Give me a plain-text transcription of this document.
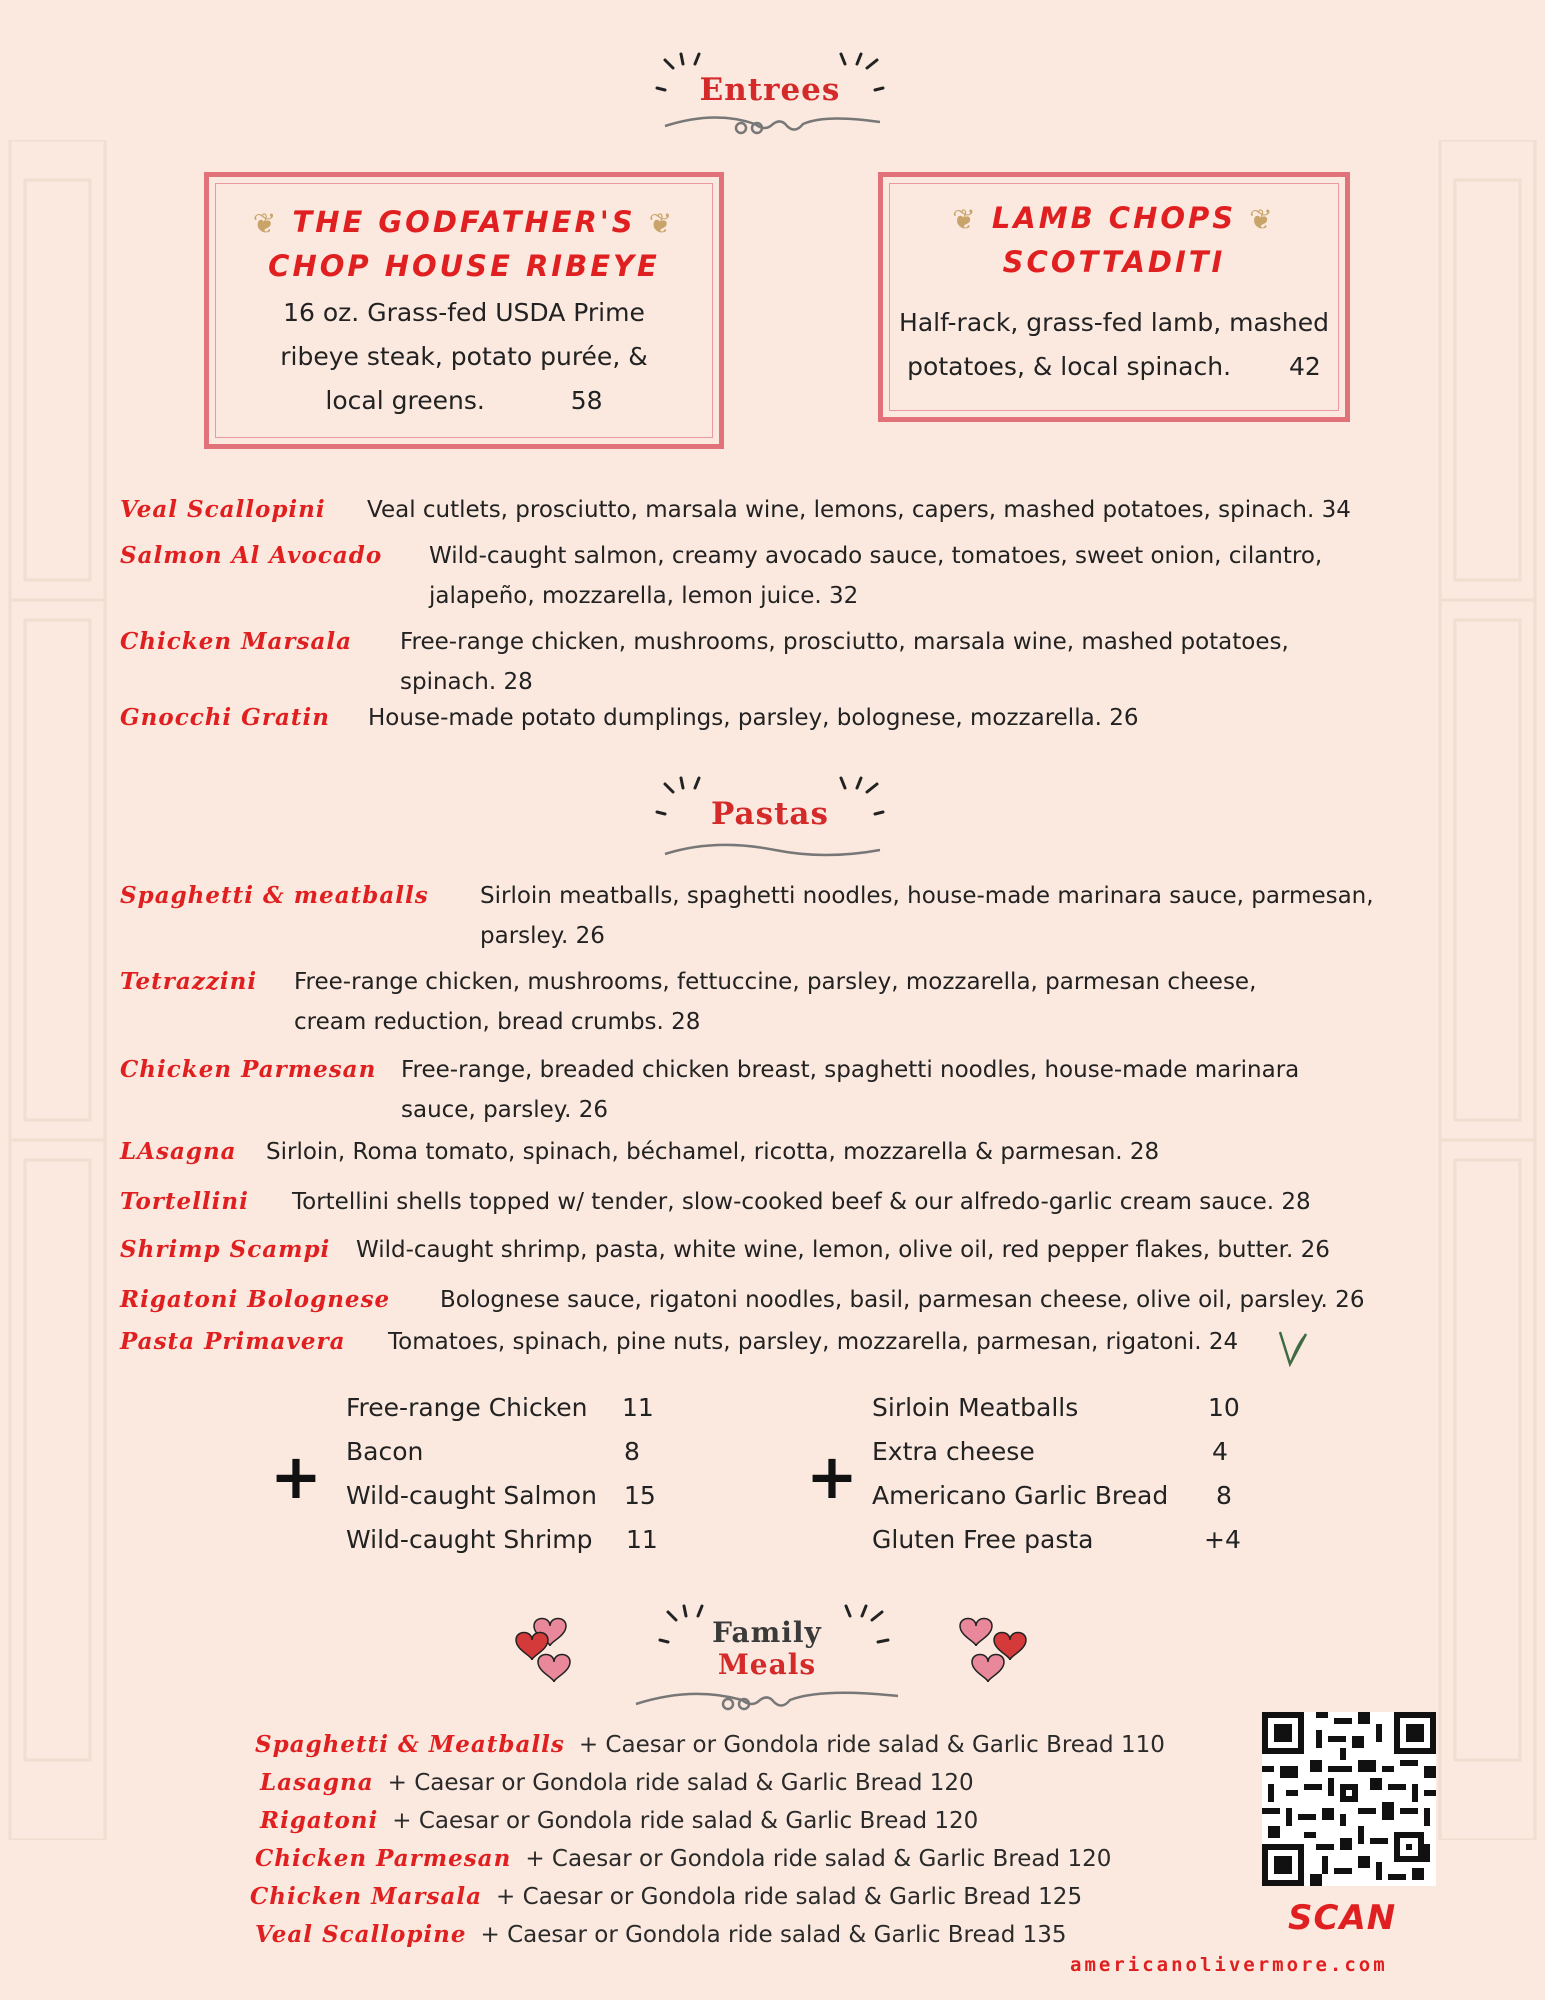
Entrees
❦ THE GODFATHER'S ❦
CHOP HOUSE RIBEYE
16 oz. Grass-fed USDA Prime
ribeye steak, potato purée, &
local greens.	58
❦ LAMB CHOPS ❦
SCOTTADITI
Half-rack, grass-fed lamb, mashed
potatoes, & local spinach. 42
Veal Scallopini Veal cutlets, prosciutto, marsala wine, lemons, capers, mashed potatoes, spinach. 34
Salmon Al Avocado Wild-caught salmon, creamy avocado sauce, tomatoes, sweet onion, cilantro,
jalapeño, mozzarella, lemon juice. 32
Chicken Marsala Free-range chicken, mushrooms, prosciutto, marsala wine, mashed potatoes,
spinach. 28
Gnocchi Gratin House-made potato dumplings, parsley, bolognese, mozzarella. 26
Pastas
Spaghetti & meatballs Sirloin meatballs, spaghetti noodles, house-made marinara sauce, parmesan,
parsley. 26
Tetrazzini Free-range chicken, mushrooms, fettuccine, parsley, mozzarella, parmesan cheese,
cream reduction, bread crumbs. 28
Chicken Parmesan Free-range, breaded chicken breast, spaghetti noodles, house-made marinara
sauce, parsley. 26
LAsagna Sirloin, Roma tomato, spinach, béchamel, ricotta, mozzarella & parmesan. 28
Tortellini Tortellini shells topped w/ tender, slow-cooked beef & our alfredo-garlic cream sauce. 28
Shrimp Scampi Wild-caught shrimp, pasta, white wine, lemon, olive oil, red pepper flakes, butter. 26
Rigatoni Bolognese Bolognese sauce, rigatoni noodles, basil, parmesan cheese, olive oil, parsley. 26
Pasta Primavera Tomatoes, spinach, pine nuts, parsley, mozzarella, parmesan, rigatoni. 24
+
Free-range Chicken 11
Bacon	8
Wild-caught Salmon 15
Wild-caught Shrimp 11
+
Sirloin Meatballs	10
Extra cheese	4
Americano Garlic Bread 8
Gluten Free pasta	+4
Family
Meals
Spaghetti & Meatballs + Caesar or Gondola ride salad & Garlic Bread 110
Lasagna + Caesar or Gondola ride salad & Garlic Bread 120
Rigatoni + Caesar or Gondola ride salad & Garlic Bread 120
Chicken Parmesan + Caesar or Gondola ride salad & Garlic Bread 120
Chicken Marsala + Caesar or Gondola ride salad & Garlic Bread 125
Veal Scallopine + Caesar or Gondola ride salad & Garlic Bread 135	SCAN
americanolivermore.com
